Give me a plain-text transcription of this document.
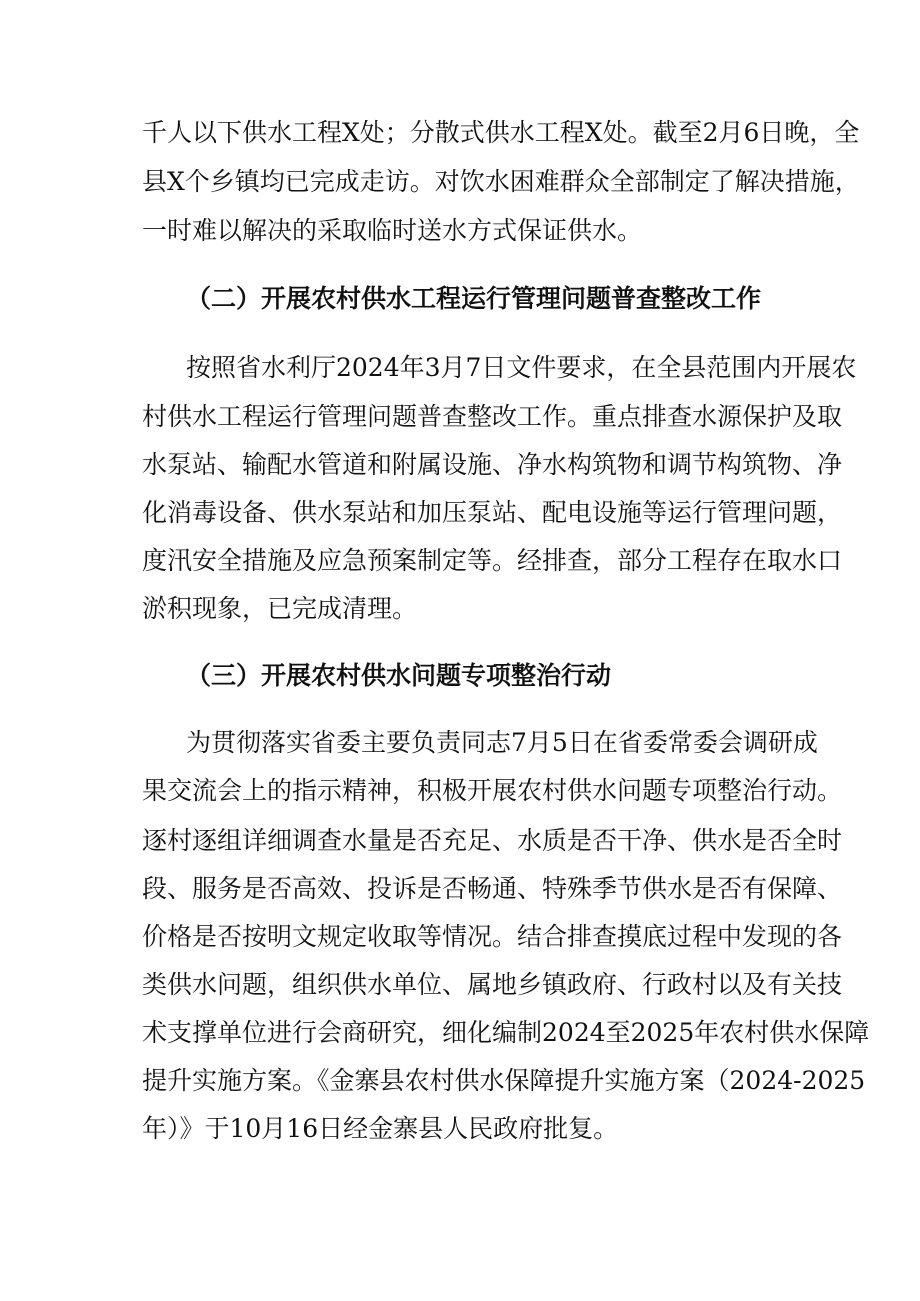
千人以下供水工程X处；分散式供水工程X处。截至2月6日晚，全
县X个乡镇均已完成走访。对饮水困难群众全部制定了解决措施，
一时难以解决的采取临时送水方式保证供水。
（二）开展农村供水工程运行管理问题普查整改工作
按照省水利厅2024年3月7日文件要求，在全县范围内开展农
村供水工程运行管理问题普查整改工作。重点排查水源保护及取
水泵站、输配水管道和附属设施、净水构筑物和调节构筑物、净
化消毒设备、供水泵站和加压泵站、配电设施等运行管理问题，
度汛安全措施及应急预案制定等。经排查，部分工程存在取水口
淤积现象，已完成清理。
（三）开展农村供水问题专项整治行动
为贯彻落实省委主要负责同志7月5日在省委常委会调研成
果交流会上的指示精神，积极开展农村供水问题专项整治行动。
逐村逐组详细调查水量是否充足、水质是否干净、供水是否全时
段、服务是否高效、投诉是否畅通、特殊季节供水是否有保障、
价格是否按明文规定收取等情况。结合排查摸底过程中发现的各
类供水问题，组织供水单位、属地乡镇政府、行政村以及有关技
术支撑单位进行会商研究，细化编制2024至2025年农村供水保障
提升实施方案。《金寨县农村供水保障提升实施方案（2024-2025
年）》于10月16日经金寨县人民政府批复。
